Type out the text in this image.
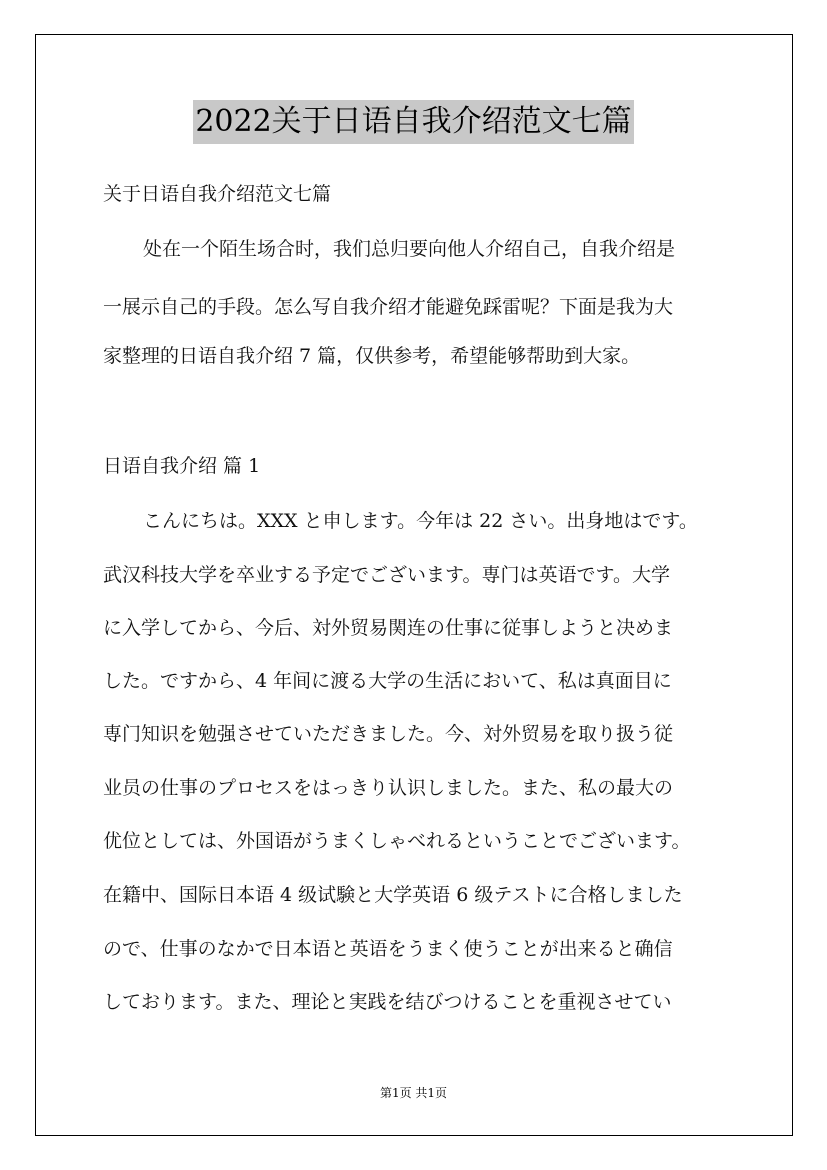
2022关于日语自我介绍范文七篇
关于日语自我介绍范文七篇
处在一个陌生场合时，我们总归要向他人介绍自己，自我介绍是
一展示自己的手段。怎么写自我介绍才能避免踩雷呢？下面是我为大
家整理的日语自我介绍 7 篇，仅供参考，希望能够帮助到大家。
日语自我介绍 篇 1
こんにちは。XXX と申します。今年は 22 さい。出身地はです。
武汉科技大学を卒业する予定でございます。専门は英语です。大学
に入学してから、今后、対外贸易関连の仕事に従事しようと决めま
した。ですから、4 年间に渡る大学の生活において、私は真面目に
専门知识を勉强させていただきました。今、対外贸易を取り扱う従
业员の仕事のプロセスをはっきり认识しました。また、私の最大の
优位としては、外国语がうまくしゃべれるということでございます。
在籍中、国际日本语 4 级试験と大学英语 6 级テストに合格しました
ので、仕事のなかで日本语と英语をうまく使うことが出来ると确信
しております。また、理论と実践を结びつけることを重视させてい
第1页 共1页
